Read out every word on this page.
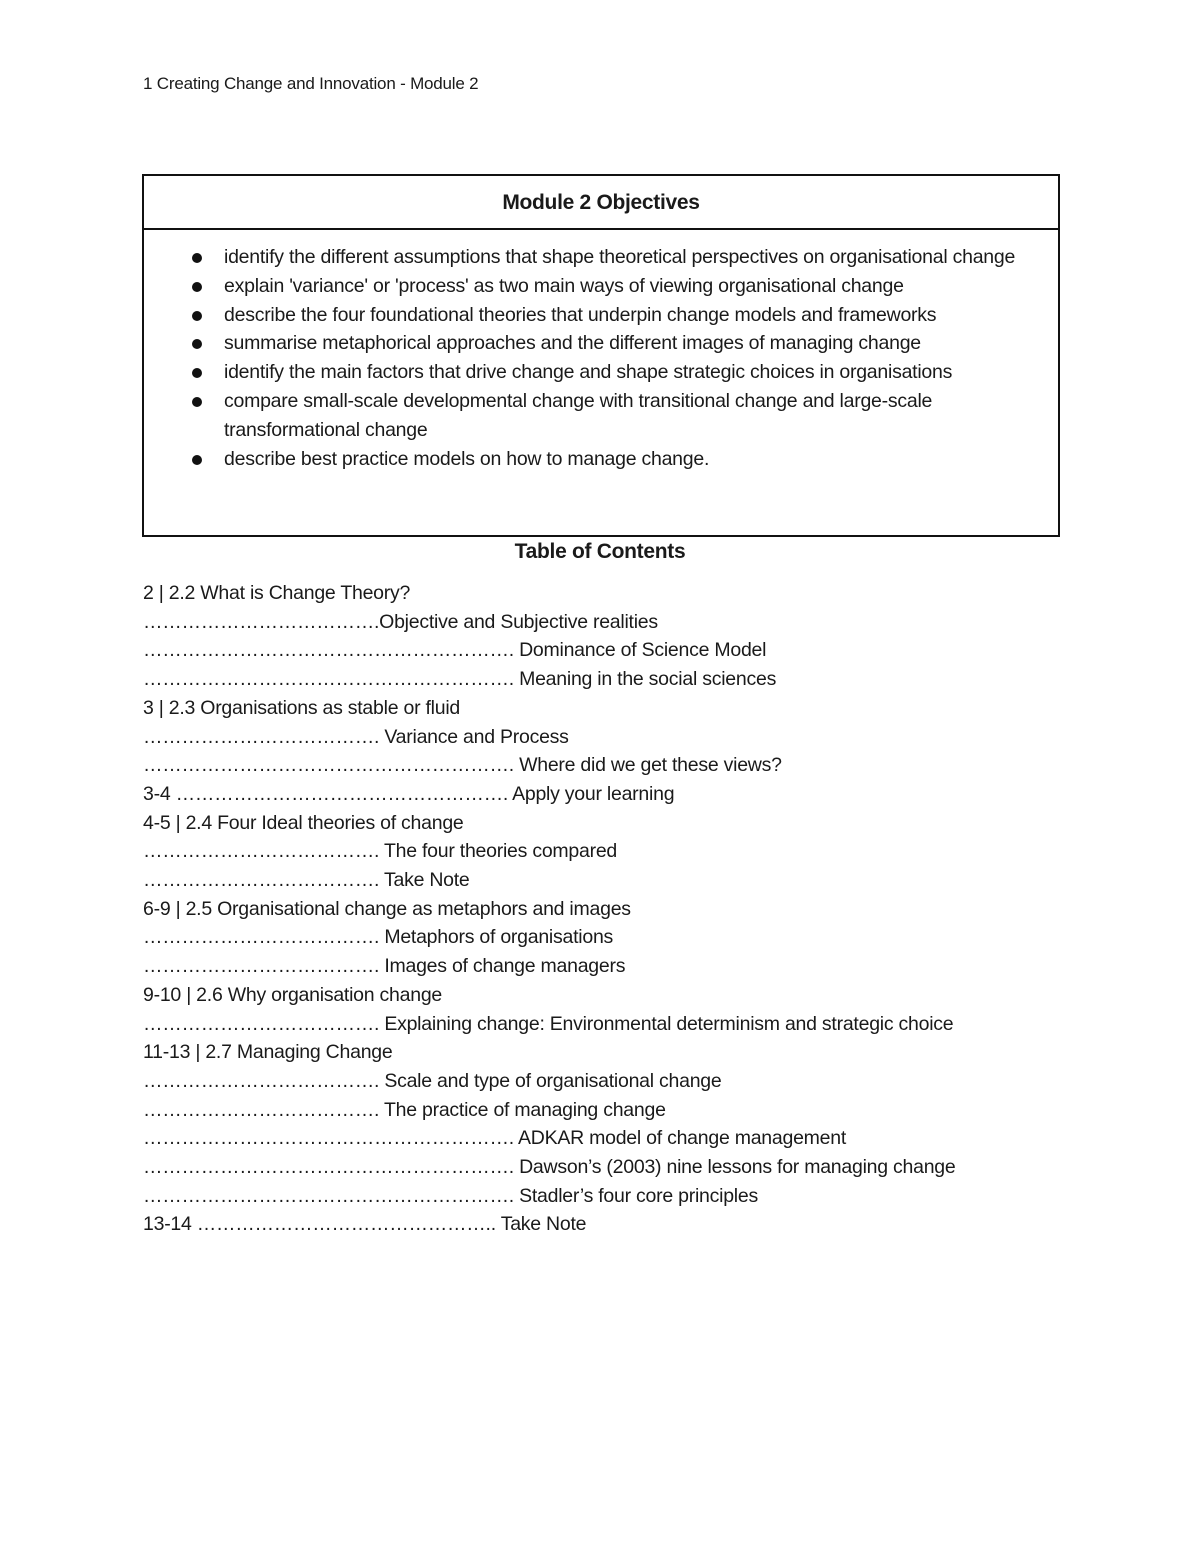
1 Creating Change and Innovation - Module 2
Module 2 Objectives
identify the different assumptions that shape theoretical perspectives on organisational change
explain 'variance' or 'process' as two main ways of viewing organisational change
describe the four foundational theories that underpin change models and frameworks
summarise metaphorical approaches and the different images of managing change
identify the main factors that drive change and shape strategic choices in organisations
compare small-scale developmental change with transitional change and large-scale transformational change
describe best practice models on how to manage change.
Table of Contents
2 | 2.2 What is Change Theory?
……………………………….Objective and Subjective realities
…………………………………………………. Dominance of Science Model
…………………………………………………. Meaning in the social sciences
3 | 2.3 Organisations as stable or fluid
………………………………. Variance and Process
…………………………………………………. Where did we get these views?
3-4 ……………………………………………. Apply your learning
4-5 | 2.4 Four Ideal theories of change
………………………………. The four theories compared
………………………………. Take Note
6-9 | 2.5 Organisational change as metaphors and images
………………………………. Metaphors of organisations
………………………………. Images of change managers
9-10 | 2.6 Why organisation change
………………………………. Explaining change: Environmental determinism and strategic choice
11-13 | 2.7 Managing Change
………………………………. Scale and type of organisational change
………………………………. The practice of managing change
…………………………………………………. ADKAR model of change management
…………………………………………………. Dawson’s (2003) nine lessons for managing change
…………………………………………………. Stadler’s four core principles
13-14 ……………………………………….. Take Note
